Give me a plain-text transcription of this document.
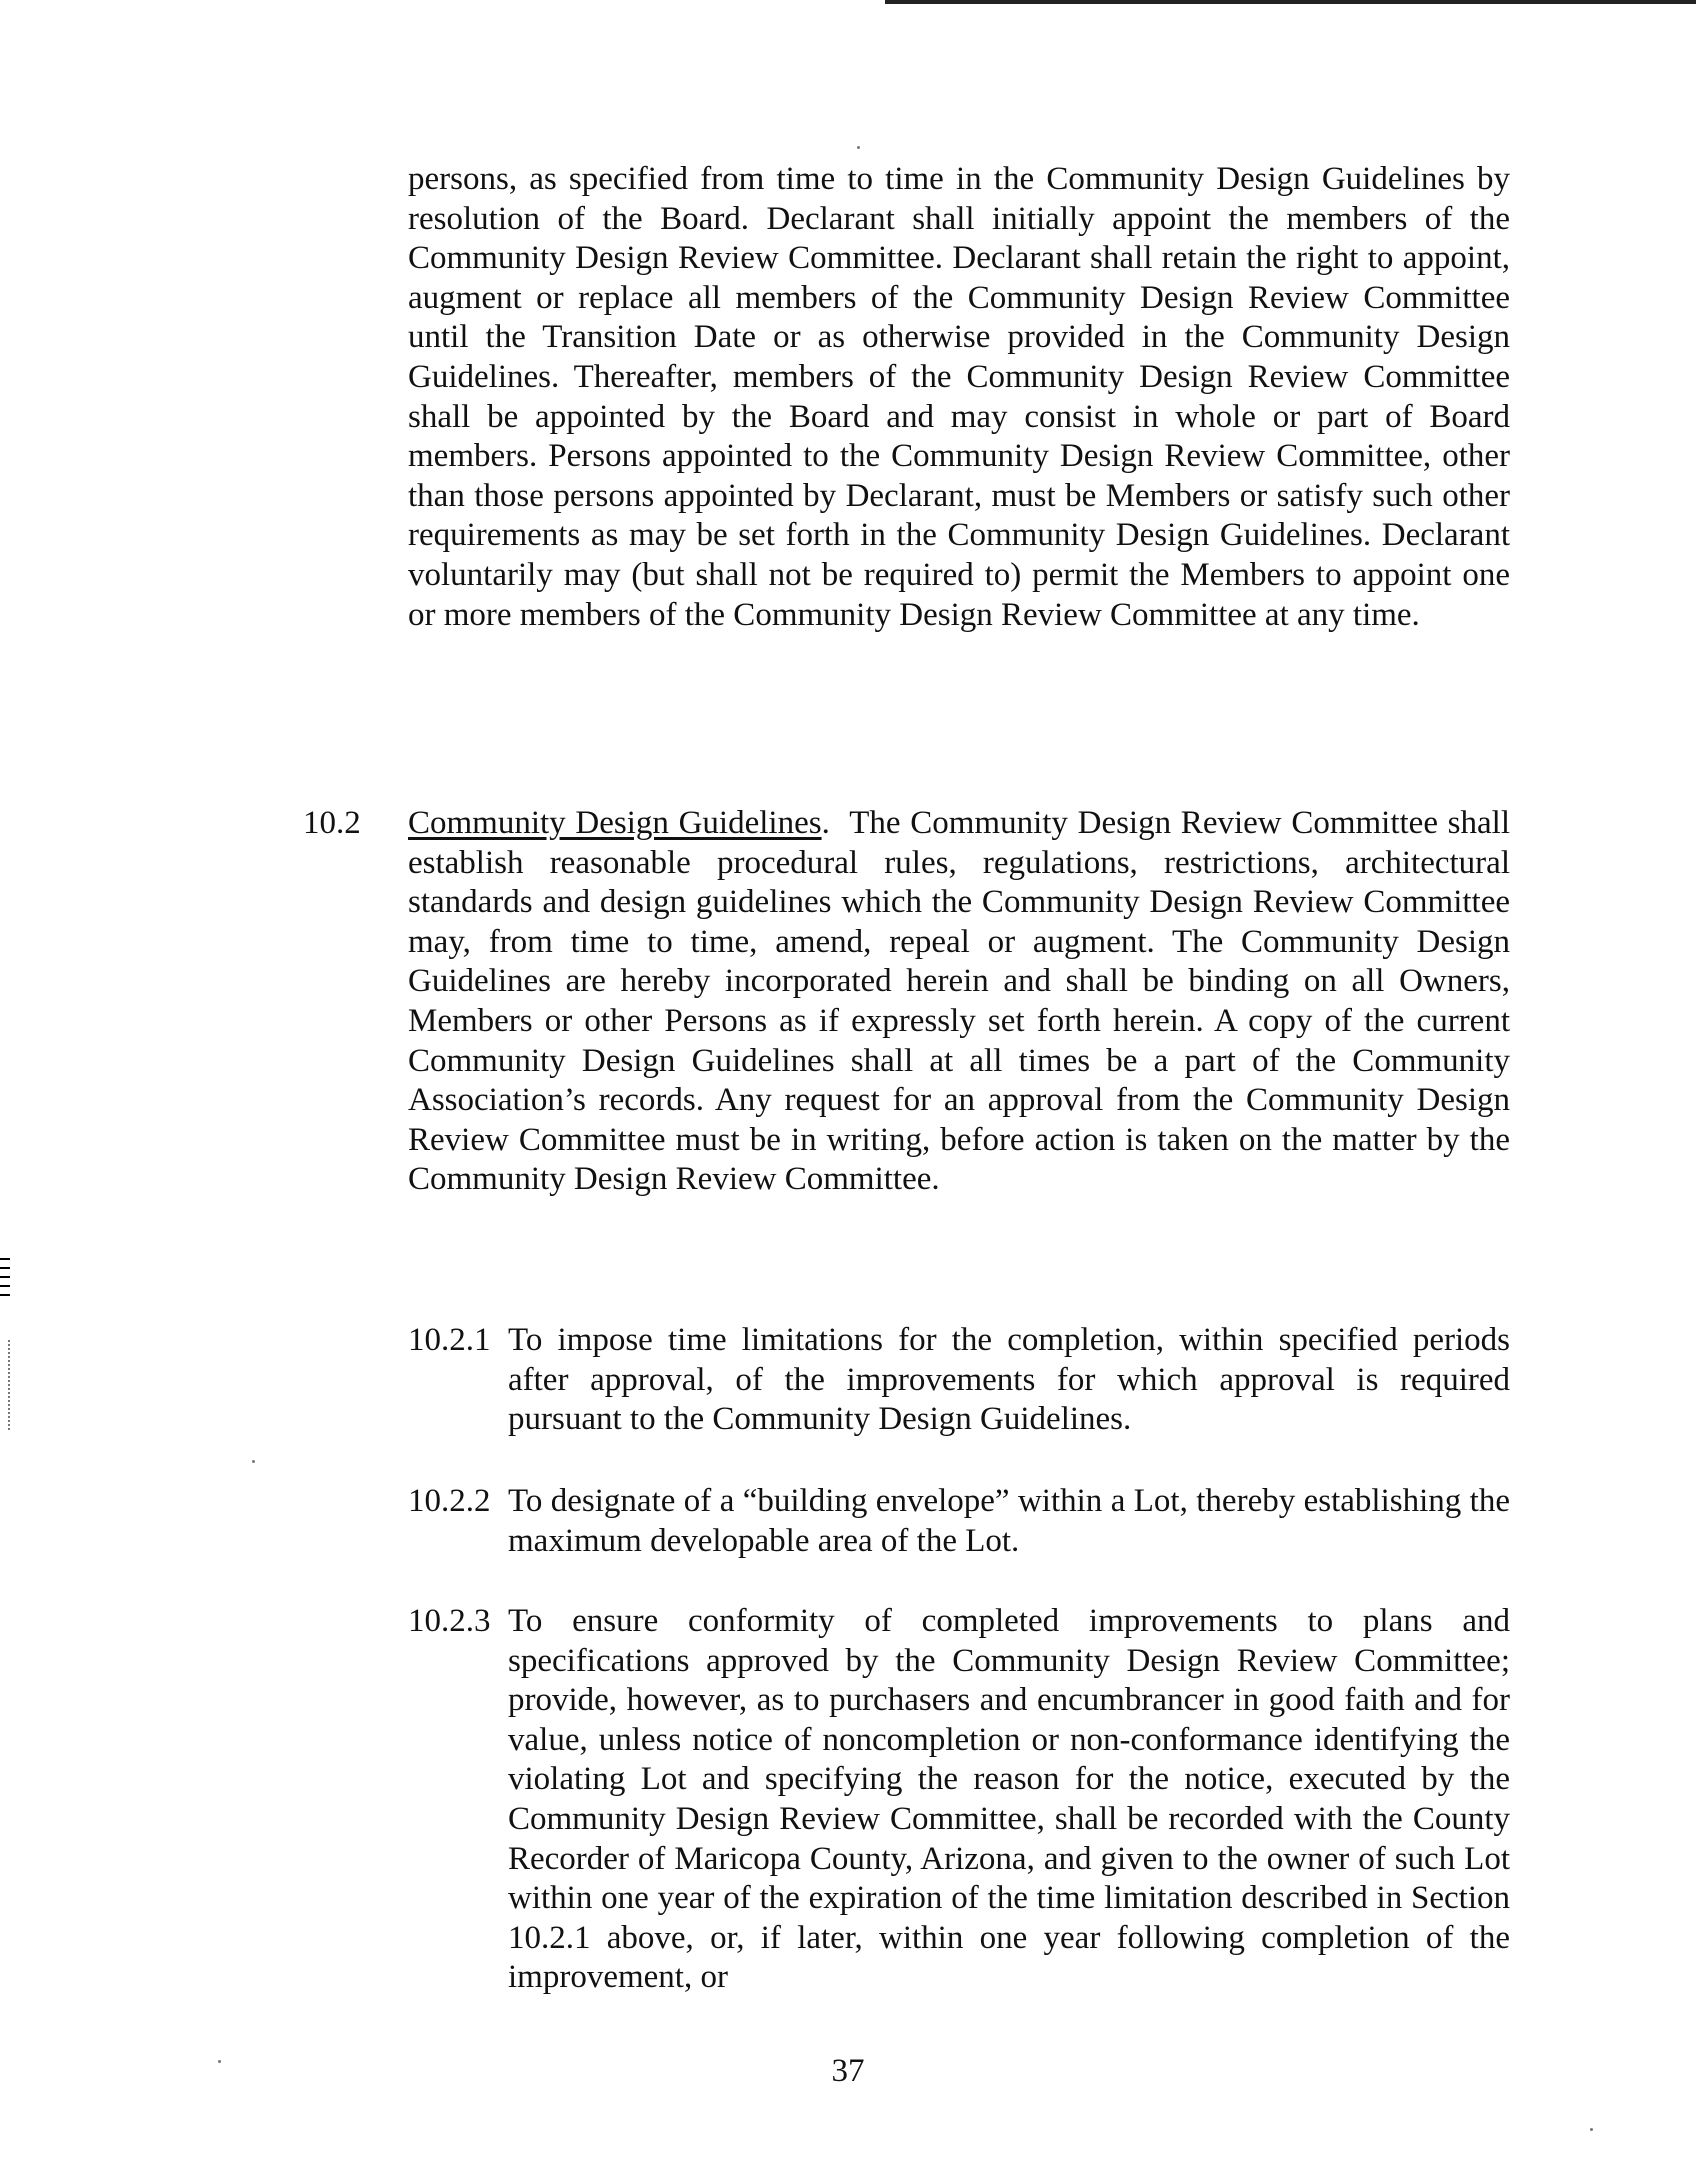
persons, as specified from time to time in the Community Design Guidelines by resolution of the Board. Declarant shall initially appoint the members of the Community Design Review Committee. Declarant shall retain the right to appoint, augment or replace all members of the Community Design Review Committee until the Transition Date or as otherwise provided in the Community Design Guidelines. Thereafter, members of the Community Design Review Committee shall be appointed by the Board and may consist in whole or part of Board members. Persons appointed to the Community Design Review Committee, other than those persons appointed by Declarant, must be Members or satisfy such other requirements as may be set forth in the Community Design Guidelines. Declarant voluntarily may (but shall not be required to) permit the Members to appoint one or more members of the Community Design Review Committee at any time.
10.2 Community Design Guidelines. The Community Design Review Committee shall establish reasonable procedural rules, regulations, restrictions, architectural standards and design guidelines which the Community Design Review Committee may, from time to time, amend, repeal or augment. The Community Design Guidelines are hereby incorporated herein and shall be binding on all Owners, Members or other Persons as if expressly set forth herein. A copy of the current Community Design Guidelines shall at all times be a part of the Community Association’s records. Any request for an approval from the Community Design Review Committee must be in writing, before action is taken on the matter by the Community Design Review Committee.
10.2.1 To impose time limitations for the completion, within specified periods after approval, of the improvements for which approval is required pursuant to the Community Design Guidelines.
10.2.2 To designate of a “building envelope” within a Lot, thereby establishing the maximum developable area of the Lot.
10.2.3 To ensure conformity of completed improvements to plans and specifications approved by the Community Design Review Committee; provide, however, as to purchasers and encumbrancer in good faith and for value, unless notice of noncompletion or non-conformance identifying the violating Lot and specifying the reason for the notice, executed by the Community Design Review Committee, shall be recorded with the County Recorder of Maricopa County, Arizona, and given to the owner of such Lot within one year of the expiration of the time limitation described in Section 10.2.1 above, or, if later, within one year following completion of the improvement, or
37
